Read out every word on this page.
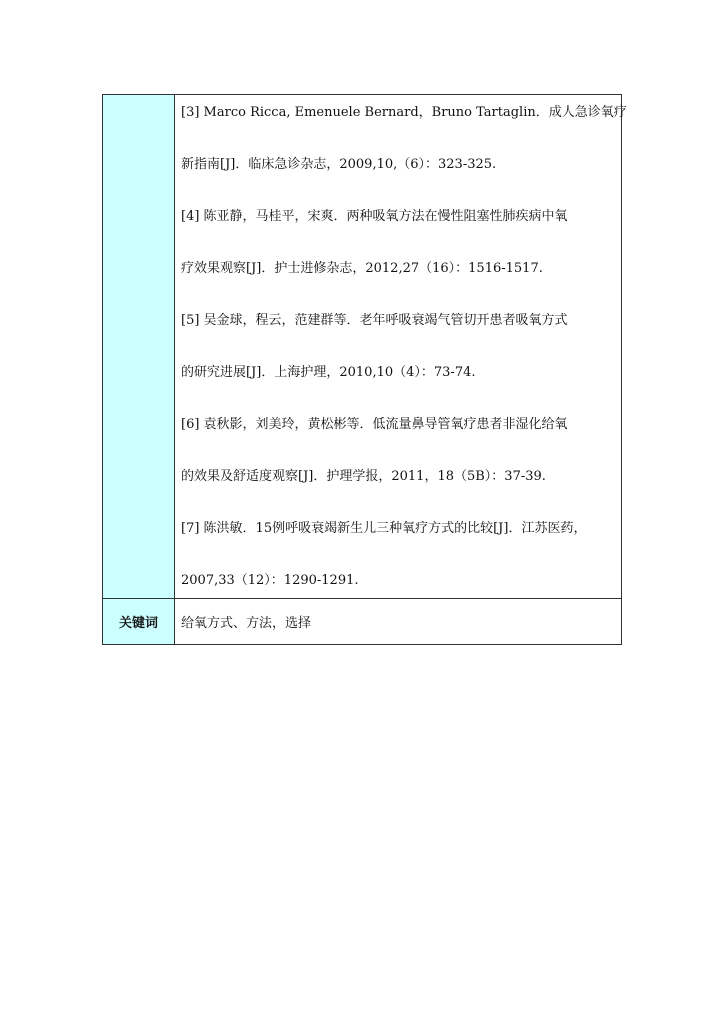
[3] Marco Ricca, Emenuele Bernard，Bruno Tartaglin．成人急诊氧疗
新指南[J]．临床急诊杂志，2009,10,（6）：323-325.
[4] 陈亚静，马桂平，宋爽．两种吸氧方法在慢性阻塞性肺疾病中氧
疗效果观察[J]．护士进修杂志，2012,27（16）：1516-1517.
[5] 吴金球，程云，范建群等．老年呼吸衰竭气管切开患者吸氧方式
的研究进展[J]．上海护理，2010,10（4）：73-74.
[6] 袁秋影，刘美玲，黄松彬等．低流量鼻导管氧疗患者非湿化给氧
的效果及舒适度观察[J]．护理学报，2011，18（5B）：37-39.
[7] 陈洪敏．15例呼吸衰竭新生儿三种氧疗方式的比较[J]．江苏医药，
2007,33（12）：1290-1291.
关键词	给氧方式、方法，选择
